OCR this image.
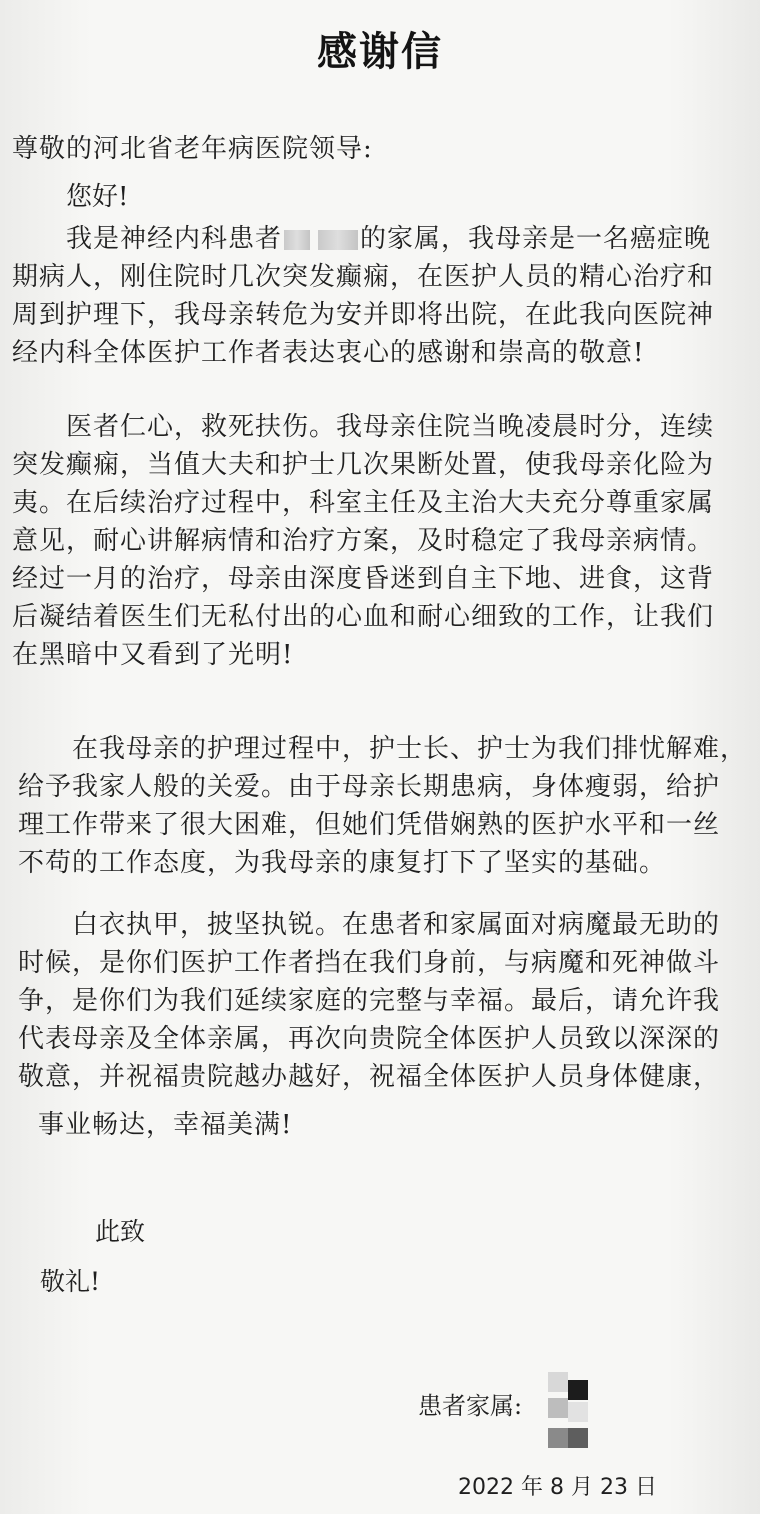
感谢信
尊敬的河北省老年病医院领导:
您好!
我是神经内科患者	的家属，我母亲是一名癌症晚
期病人，刚住院时几次突发癫痫，在医护人员的精心治疗和
周到护理下，我母亲转危为安并即将出院，在此我向医院神
经内科全体医护工作者表达衷心的感谢和崇高的敬意!
医者仁心，救死扶伤。我母亲住院当晚凌晨时分，连续
突发癫痫，当值大夫和护士几次果断处置，使我母亲化险为
夷。在后续治疗过程中，科室主任及主治大夫充分尊重家属
意见，耐心讲解病情和治疗方案，及时稳定了我母亲病情。
经过一月的治疗，母亲由深度昏迷到自主下地、进食，这背
后凝结着医生们无私付出的心血和耐心细致的工作，让我们
在黑暗中又看到了光明!
在我母亲的护理过程中，护士长、护士为我们排忧解难，
给予我家人般的关爱。由于母亲长期患病，身体瘦弱，给护
理工作带来了很大困难，但她们凭借娴熟的医护水平和一丝
不苟的工作态度，为我母亲的康复打下了坚实的基础。
白衣执甲，披坚执锐。在患者和家属面对病魔最无助的
时候，是你们医护工作者挡在我们身前，与病魔和死神做斗
争，是你们为我们延续家庭的完整与幸福。最后，请允许我
代表母亲及全体亲属，再次向贵院全体医护人员致以深深的
敬意，并祝福贵院越办越好，祝福全体医护人员身体健康，
事业畅达，幸福美满!
此致
敬礼!
患者家属:
2022 年 8 月 23 日
